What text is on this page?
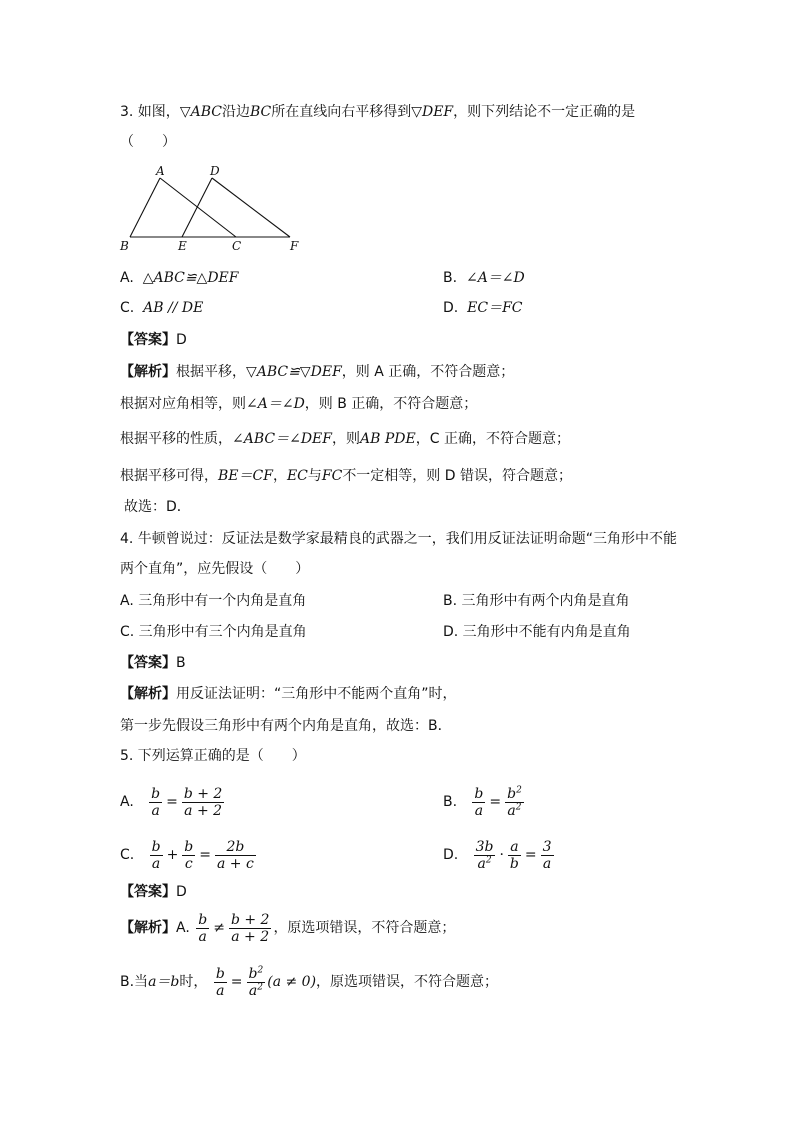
3. 如图，▽ABC沿边BC所在直线向右平移得到▽DEF，则下列结论不一定正确的是
（　　）
A	D
B	E	C	F
A. △ABC≌△DEF	B. ∠A＝∠D
C. AB // DE	D. EC＝FC
【答案】D
【解析】根据平移，▽ABC≌▽DEF，则 A 正确，不符合题意；
根据对应角相等，则∠A＝∠D，则 B 正确，不符合题意；
根据平移的性质，∠ABC＝∠DEF，则AB PDE，C 正确，不符合题意；
根据平移可得，BE＝CF，EC与FC不一定相等，则 D 错误，符合题意；
故选：D．
4. 牛顿曾说过：反证法是数学家最精良的武器之一，我们用反证法证明命题“三角形中不能
两个直角”，应先假设（　　）
A. 三角形中有一个内角是直角	B. 三角形中有两个内角是直角
C. 三角形中有三个内角是直角	D. 三角形中不能有内角是直角
【答案】B
【解析】用反证法证明：“三角形中不能两个直角”时，
第一步先假设三角形中有两个内角是直角，故选：B．
5. 下列运算正确的是（　　）
A. $\frac{b}{a} = \frac{b + 2}{a + 2}$	B. $\frac{b}{a} = \frac{b^2}{a^2}$
C. $\frac{b}{a} + \frac{b}{c} = \frac{2b}{a + c}$	D. $\frac{3b}{a^2} \cdot \frac{a}{b} = \frac{3}{a}$
【答案】D
【解析】A. $\frac{b}{a} \ne \frac{b + 2}{a + 2}$ ，原选项错误，不符合题意；
B.当a＝b时， $\frac{b}{a} = \frac{b^2}{a^2} (a \ne 0)$，原选项错误，不符合题意；
